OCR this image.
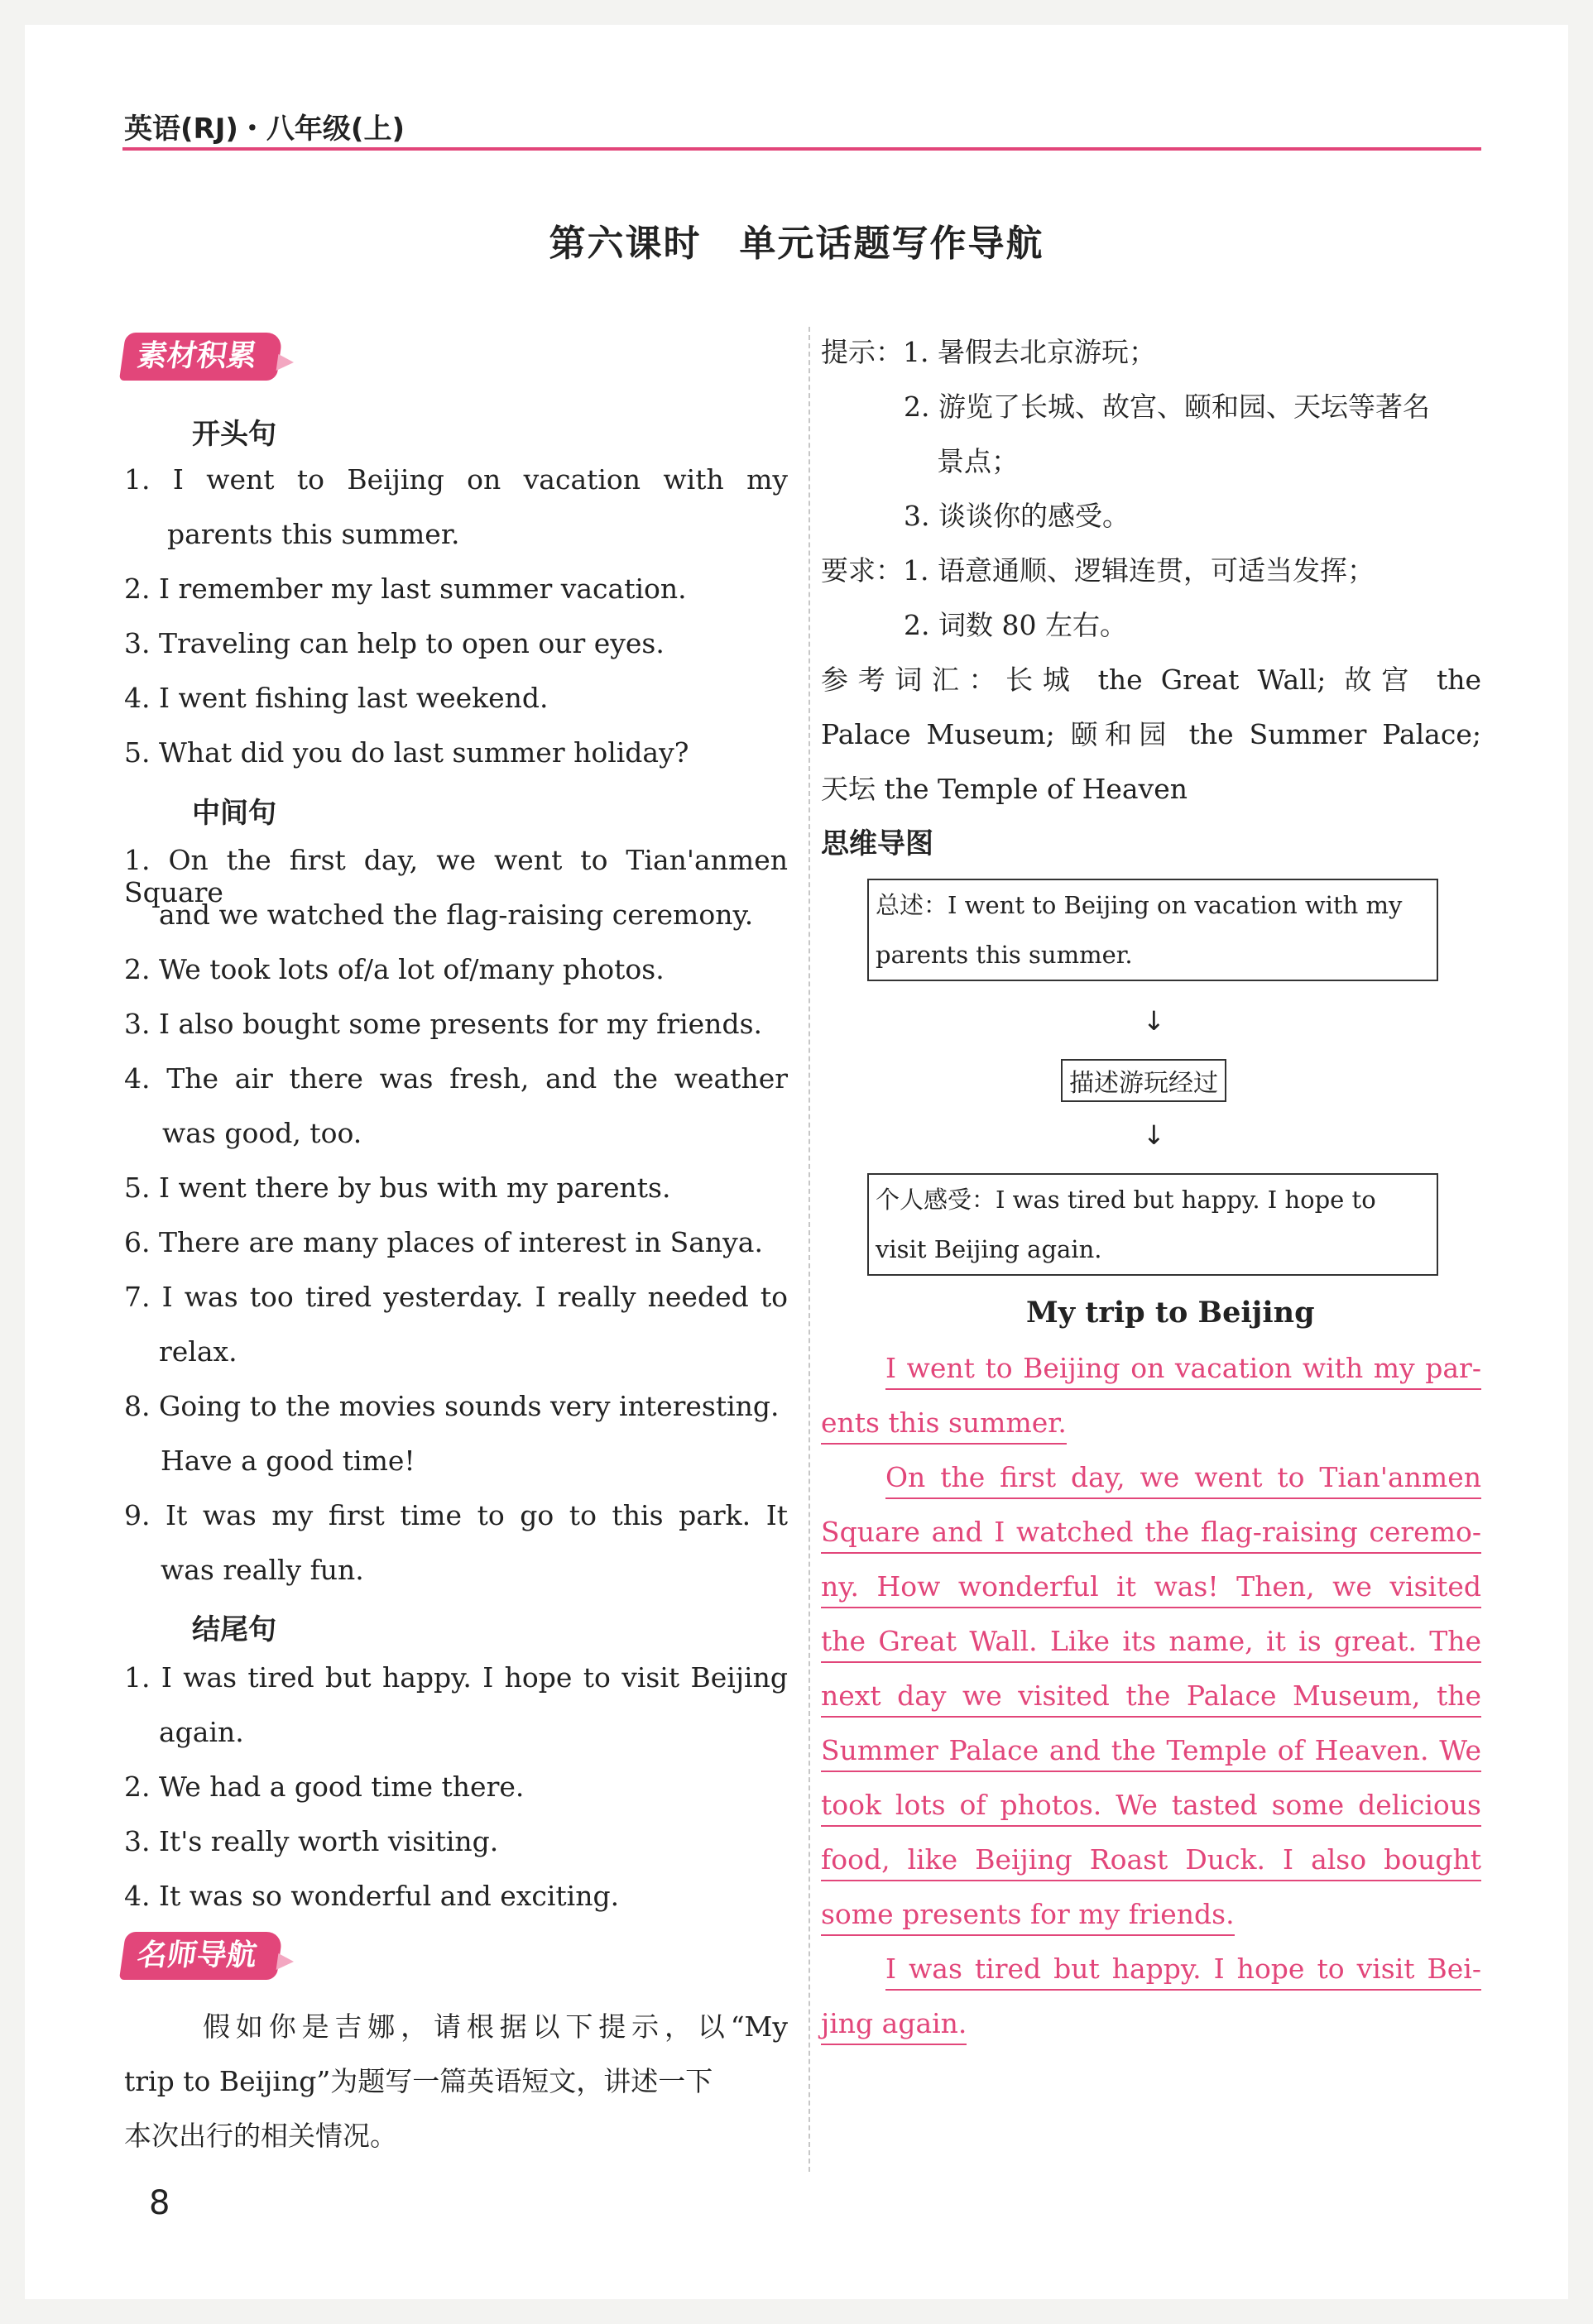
英语(RJ)・八年级(上)
第六课时　单元话题写作导航
素材积累
开头句
1. I went to Beijing on vacation with my
parents this summer.
2. I remember my last summer vacation.
3. Traveling can help to open our eyes.
4. I went fishing last weekend.
5. What did you do last summer holiday?
中间句
1. On the first day, we went to Tian'anmen Square
and we watched the flag-raising ceremony.
2. We took lots of/a lot of/many photos.
3. I also bought some presents for my friends.
4. The air there was fresh, and the weather
was good, too.
5. I went there by bus with my parents.
6. There are many places of interest in Sanya.
7. I was too tired yesterday. I really needed to
relax.
8. Going to the movies sounds very interesting.
Have a good time!
9. It was my first time to go to this park. It
was really fun.
结尾句
1. I was tired but happy. I hope to visit Beijing
again.
2. We had a good time there.
3. It's really worth visiting.
4. It was so wonderful and exciting.
名师导航
假如你是吉娜，请根据以下提示，以“My
trip to Beijing”为题写一篇英语短文，讲述一下
本次出行的相关情况。
提示：1. 暑假去北京游玩；
2. 游览了长城、故宫、颐和园、天坛等著名
景点；
3. 谈谈你的感受。
要求：1. 语意通顺、逻辑连贯，可适当发挥；
2. 词数 80 左右。
参考词汇：长城 the Great Wall; 故宫 the
Palace Museum; 颐和园 the Summer Palace;
天坛 the Temple of Heaven
思维导图
总述：I went to Beijing on vacation with my
parents this summer.
↓
描述游玩经过
↓
个人感受：I was tired but happy. I hope to
visit Beijing again.
My trip to Beijing
I went to Beijing on vacation with my par-
ents this summer.
On the first day, we went to Tian'anmen
Square and I watched the flag-raising ceremo-
ny. How wonderful it was! Then, we visited
the Great Wall. Like its name, it is great. The
next day we visited the Palace Museum, the
Summer Palace and the Temple of Heaven. We
took lots of photos. We tasted some delicious
food, like Beijing Roast Duck. I also bought
some presents for my friends.
I was tired but happy. I hope to visit Bei-
jing again.
8
